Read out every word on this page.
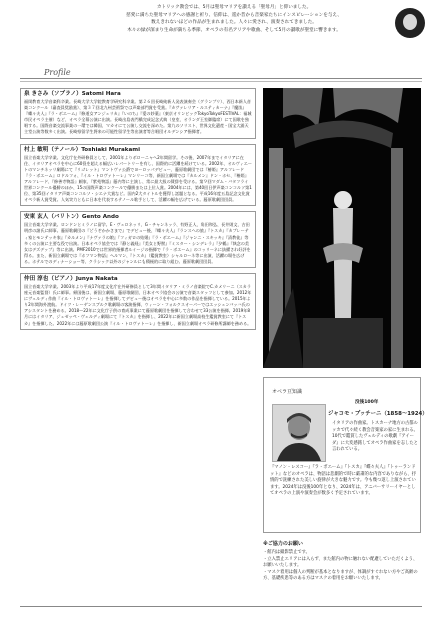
カトリック教会では、5月は聖母マリアを讃える「聖母月」と仰いました。
慈愛に満ちた聖母マリアへの感謝と祈り、信仰は、遥か昔から音楽家たちにインスピレーションを与え、
数えきれないほどの作品が生まれました。人々に愛され、演奏されてきました。
木々の緑が深まり生命が満ちる季節、オペラの有名アリアや歌曲、そして5月の讃歌が聖堂に響きます。
Profile
泉 きさみ（ソプラノ）Satomi Hara
福岡教育大学音楽科卒業。長崎大学大学院教育学研究科卒業。第２６回長崎純新人発表演奏会（グランプリ）、西日本新人音楽コンクール（審査員奨励賞）、第３７回北九州芸術祭では声楽部門賞を受賞。『カヴァレリア・ルスティカーナ』『魔笛』『蝶々夫人』『ラ・ボエーム』『修道女アンジェリカ』『いのち』『愛の妙薬』（東京オリンピックTokyoTokyoFESTIVAL：福城市民オペラ主催）など、オペラ全幕公演に出演。長崎出島表門橋完成記念式典（皇室、オランダ王室御臨席）にて国歌を独唱する。国際音楽交流事業の一環では韓国、マカオにて公演し交流を深めた。第九のソリスト、世界文化遺産・国宝大浦天主堂公演等数多く出演。長崎県留学生将来の可能性留学生等出演者等合唱団オルデンシア指揮者。
村上 敏明（テノール）Toshiaki Murakami
国立音楽大学卒業。文化庁在外研修員として、2001年よりボローニャへ2年間留学。その後、2007年までイタリアに在住、イタリアオペラを中心に60役を超える幅広いレパートリーを有し、国際的に活躍を続けている。2002年、オルヴィエートのマンチネッリ劇場にて『リゴレット』マントヴァ公爵でヨーロッパデビュー、藤原歌劇団では『椿姫』アルフレード『ラ・ボエーム』ロドルフォ、『イル・トロヴァトーレ』マンリーコ等、新国立劇場では『カルメン』ドン・ホセ、『椿姫』アルフレード、『修善寺物語』頼家、『紫苑物語』藤内等に主演し、常に最大級の賛辞を受ける。第９回マダム・バタフライ世界コンクール優勝のほか、15の国際声楽コンクールで優勝または上位入賞。2004年には、第40回日伊声楽コンコルソ第1位、第35回イタリア声楽コンコルソ・シエナ大賞など。国内2大タイトルを獲得し話題となる。平成16年度五島記念文化賞オペラ新人賞受賞。人気実力ともに日本を代表するテノール歌手として、活躍の幅を広げている。藤原歌劇団団員。
安東 玄人（バリトン）Gento Ando
国立音楽大学卒業。ロンドンとミラノに留学。E・ヴェロネッリ、G・チャンネッラ、有野正人、角田和弘、長井則文、吉田明彦の諸氏に師事。藤原歌劇団の『どうぞかかさまで』でデビュー後、『蝶々夫人』『ランスへの旅』『トスカ』『カプレーティ家とモンテッキ家』『カルメン』『ナヴァラの娘』『フィガロの結婚』『ラ・ボエーム』『ジャンニ・スキッキ』『清教徒』等多くの公演に主要な役で出演。日本オペラ協会では『静と義経』『美女と野獣』『ミスター・シンデレラ』『夕鶴』『執念の美女はデズデップ』等に出演。PMF2010では世界的指揮者ルイージの指揮で『ラ・ボエーム』のコッリーネに抜擢され好評を得る。また、新国立劇場では『ホフマン物語』ヘルマン、『トスカ』（鑑賞教室）シャルローネ等に出演、活躍の場を広げる。ホテルでのディナーショー等、クラシック以外のジャンルにも積極的に取り組む。藤原歌劇団団員。
仲田 淳也（ピアノ）Junya Nakata
国立音楽大学卒業。2003年より平成17年度文化庁在外研修員として3年間イタリア・ミラノ音楽院でC.カメリーニ（スカラ座元音楽監督）氏に師事。帰国後は、新国立劇場、藤原歌劇団、日本オペラ協会の公演で音楽スタッフとして参加。2012年にヴェルディ作曲『イル・トロヴァトーレ』を指揮してデビュー後はオペラを中心に多数の作品を指揮している。2015年より2年間海外渡航。ドイツ・レーゲンスブルク歌劇場の客演指揮、ウィーン・フォルクスオーパーではエッシェンバッハ氏のアシスタントを務める。2018～22年に文化庁子供の育成事業にて藤原歌劇団を指揮して合わせて33公演を指揮。2019年8月にはイタリア、ジュゼッペ・ヴェルディ劇場にて『トスカ』を指揮し、2022年に新国立劇場高校生鑑賞教室にて『トスカ』を指揮した。2022年には藤原歌劇団公演『イル・トロヴァトーレ』を指揮し、新国立劇場オペラ研修所講師を務める。
オペラ豆知識
没後100年
ジャコモ・プッチーニ（1858～1924）
イタリアの作曲家。トスカーナ地方の古都ルッカで代々続く教会音楽家の家に生まれる。10代で鑑賞したヴェルディの歌劇『アイーダ』に大変感銘してオペラ作曲家を志したと言われている。
『マノン・レスコー』『ラ・ボエーム』『トスカ』『蝶々夫人』『トゥーランドット』などのオペラは、物語は悲劇的で時に厳粛的な内容でありながら、抒情的で洗練された美しい旋律が大きな魅力です。今も幾つ返し上演されています。2024年は没後100年となり、2024年は、アニバーサリーイヤーとしてオペラの上演や演奏会が数多く予定されています。
※ご協力のお願い
・館内は撮影禁止です。
・立入禁止エリアには入らず、また館内の物に触れない配慮していただくよう、お願いいたします。
・マスク着用は個人の判断が基本となりますが、体調がすぐれない方やご高齢の方、基礎疾患等のある方はマスクの着用をお願いいたします。
